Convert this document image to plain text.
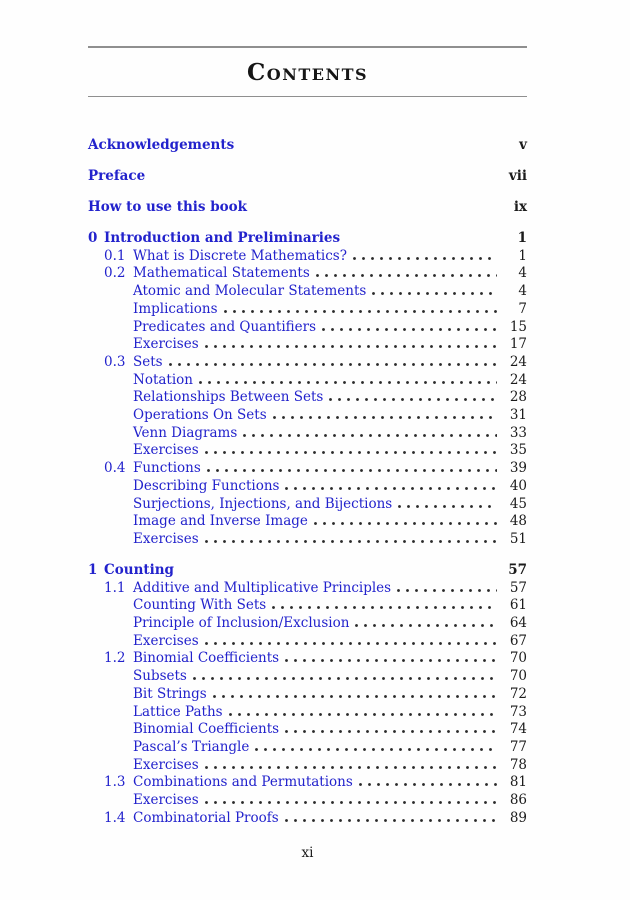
Contents
Acknowledgements	v
Preface	vii
How to use this book	ix
0 Introduction and Preliminaries	1
0.1 What is Discrete Mathematics?	1
0.2 Mathematical Statements	4
Atomic and Molecular Statements	4
Implications	7
Predicates and Quantifiers	15
Exercises	17
0.3 Sets	24
Notation	24
Relationships Between Sets	28
Operations On Sets	31
Venn Diagrams	33
Exercises	35
0.4 Functions	39
Describing Functions	40
Surjections, Injections, and Bijections	45
Image and Inverse Image	48
Exercises	51
1 Counting	57
1.1 Additive and Multiplicative Principles	57
Counting With Sets	61
Principle of Inclusion/Exclusion	64
Exercises	67
1.2 Binomial Coefficients	70
Subsets	70
Bit Strings	72
Lattice Paths	73
Binomial Coefficients	74
Pascal’s Triangle	77
Exercises	78
1.3 Combinations and Permutations	81
Exercises	86
1.4 Combinatorial Proofs	89
xi
